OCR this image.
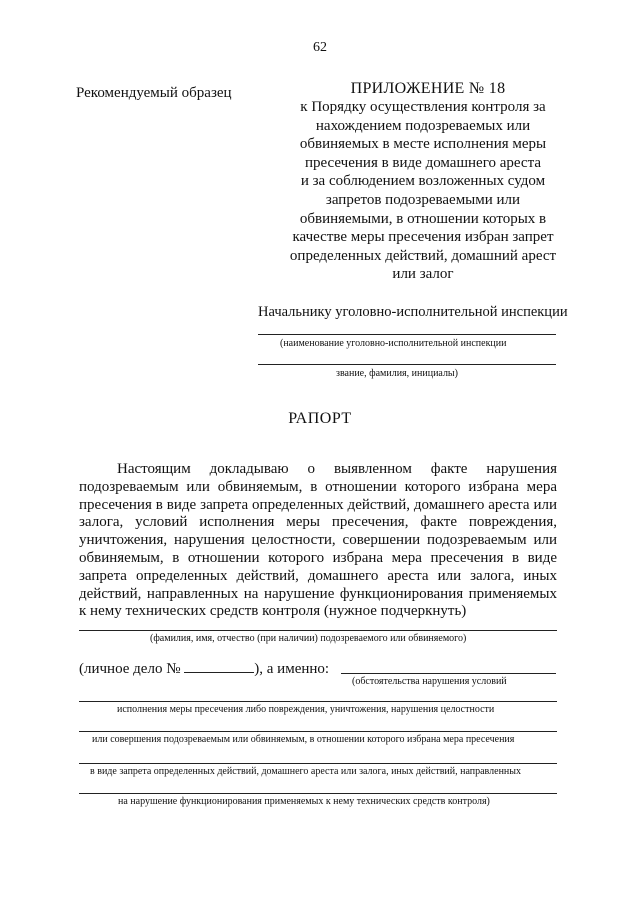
62
Рекомендуемый образец	ПРИЛОЖЕНИЕ № 18
к Порядку осуществления контроля за
нахождением подозреваемых или
обвиняемых в месте исполнения меры
пресечения в виде домашнего ареста
и за соблюдением возложенных судом
запретов подозреваемыми или
обвиняемыми, в отношении которых в
качестве меры пресечения избран запрет
определенных действий, домашний арест
или залог
Начальнику уголовно-исполнительной инспекции
(наименование уголовно-исполнительной инспекции
звание, фамилия, инициалы)
РАПОРТ
Настоящим докладываю о выявленном факте нарушения
подозреваемым или обвиняемым, в отношении которого избрана мера
пресечения в виде запрета определенных действий, домашнего ареста или
залога, условий исполнения меры пресечения, факте повреждения,
уничтожения, нарушения целостности, совершении подозреваемым или
обвиняемым, в отношении которого избрана мера пресечения в виде
запрета определенных действий, домашнего ареста или залога, иных
действий, направленных на нарушение функционирования применяемых
к нему технических средств контроля (нужное подчеркнуть)
(фамилия, имя, отчество (при наличии) подозреваемого или обвиняемого)
(личное дело №	), а именно:
(обстоятельства нарушения условий
исполнения меры пресечения либо повреждения, уничтожения, нарушения целостности
или совершения подозреваемым или обвиняемым, в отношении которого избрана мера пресечения
в виде запрета определенных действий, домашнего ареста или залога, иных действий, направленных
на нарушение функционирования применяемых к нему технических средств контроля)
